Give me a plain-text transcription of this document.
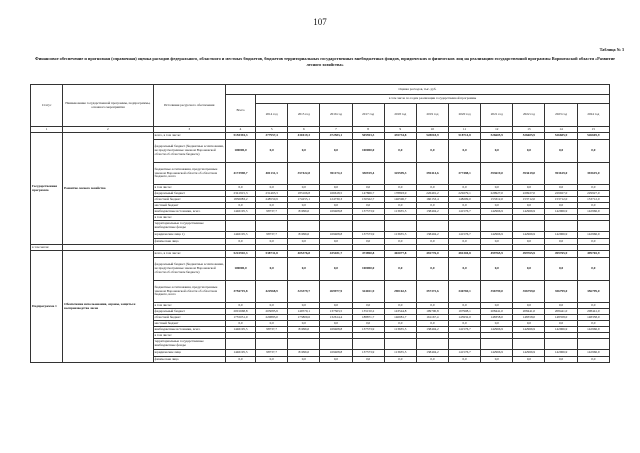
107
Таблица № 3
Финансовое обеспечение и прогнозная (справочная) оценка расходов федерального, областного и местных бюджетов, бюджетов территориальных государственных внебюджетных фондов, юридических и физических лиц на реализацию государственной программы Воронежской области «Развитие лесного хозяйства»
Статус	Наименование государственной программы, подпрограммы, основного мероприятия	Источники ресурсного обеспечения	Оценка расходов, тыс. руб.											
			Всего	в том числе по годам реализации государственной программы										
				2014 год	2015 год	2016 год	2017 год	2018 год	2019 год	2020 год	2021 год	2022 год	2023 год	2024 год
1	2	3	4	5	6	7	8	9	10	11	12	13	14	15
Государственная программа	Развитие лесного хозяйства	всего, в том числе:	5150394,3	377957,4	430419,3	472583,1	505593,3	435734,8	528018,9	518714,8	526605,9	526605,9	526605,9	526605,9
		федеральный бюджет (бюджетные ассигнования, не предусмотренные законом Воронежской области об областном бюджете)	100000,0	0,0	0,0	0,0	100000,0	0,0	0,0	0,0	0,0	0,0	0,0	0,0
		бюджетные ассигнования, предусмотренные законом Воронежской области об областном бюджете, всего	4173998,7	481131,3	357422,8	391174,3	350919,4	325599,3	359414,6	377488,1	393619,0	393619,0	393619,0	393619,0
		в том числе:	0,0	0,0	0,0	0,0	0,0	0,0	0,0	0,0	0,0	0,0	0,0	0,0
		федеральный бюджет	2341915,3	231463,3	183166,8	166618,5	147866,7	178893,9	226491,2	229279,1	229927,0	229927,0	229927,0	229927,0
		областной бюджет	1830083,2	248550,9	174255,1	124730,3	150322,7	146596,7	160153,4	148209,0	153312,0	153712,0	153712,0	153712,0
		местный бюджет	0,0	0,0	0,0	0,0	0,0	0,0	0,0	0,0	0,0	0,0	0,0	0,0
		внебюджетные источники, всего	1446195,5	98737,7	81996,0	169408,8	137573,9	113635,5	138404,2	141576,7	142966,9	142966,9	142966,9	142966,9
		в том числе:												
		территориальные государственные внебюджетные фонды												
		юридические лица 1)	1446195,5	98737,7	81996,0	169408,8	137573,9	113635,5	138404,2	141576,7	142966,9	142966,9	142966,9	142966,9
		физические лица	0,0	0,0	0,0	0,0	0,0	0,0	0,0	0,0	0,0	0,0	0,0	0,0
в том числе:														
Подпрограмма 1	Обеспечение использования, охраны, защиты и воспроизводства лесов	всего, в том числе:	5222910,3	538731,8	405376,8	435181,7	473890,8	402077,8	492776,0	481304,8	499765,9	499765,9	499765,9	499765,9
		федеральный бюджет (бюджетные ассигнования, не предусмотренные законом Воронежской области об областном бюджете)	100000,0	0,0	0,0	0,0	100000,0	0,0	0,0	0,0	0,0	0,0	0,0	0,0
		бюджетные ассигнования, предусмотренные законом Воронежской области об областном бюджете, всего	3756719,8	422968,9	323379,7	269977,9	324021,9	290162,5	357372,6	346769,1	356799,0	356799,0	356799,0	356799,0
		в том числе:	0,0	0,0	0,0	0,0	0,0	0,0	0,0	0,0	0,0	0,0	0,0	0,0
		федеральный бюджет	2001668,8	203085,9	149570,1	137363,5	135150,2	143544,8	199700,8	197908,1	208441,0	208441,0	208441,0	208441,0
		областной бюджет	1755051,0	220883,0	173809,6	132614,4	188871,7	146981,7	161167,4	145932,0	148358,0	148358,0	148358,0	148358,0
		местный бюджет	0,0	0,0	0,0	0,0	0,0	0,0	0,0	0,0	0,0	0,0	0,0	0,0
		внебюджетные источники, всего	1446195,5	98737,7	81996,0	169408,8	137573,9	113635,5	138404,2	141576,7	142966,9	142966,9	142966,9	142966,9
		в том числе:												
		территориальные государственные внебюджетные фонды												
		юридические лица	1446195,5	98737,7	81996,0	169408,8	137573,9	113635,5	138404,2	141576,7	142966,9	142966,9	142966,9	142966,9
		физические лица	0,0	0,0	0,0	0,0	0,0	0,0	0,0	0,0	0,0	0,0	0,0	0,0
